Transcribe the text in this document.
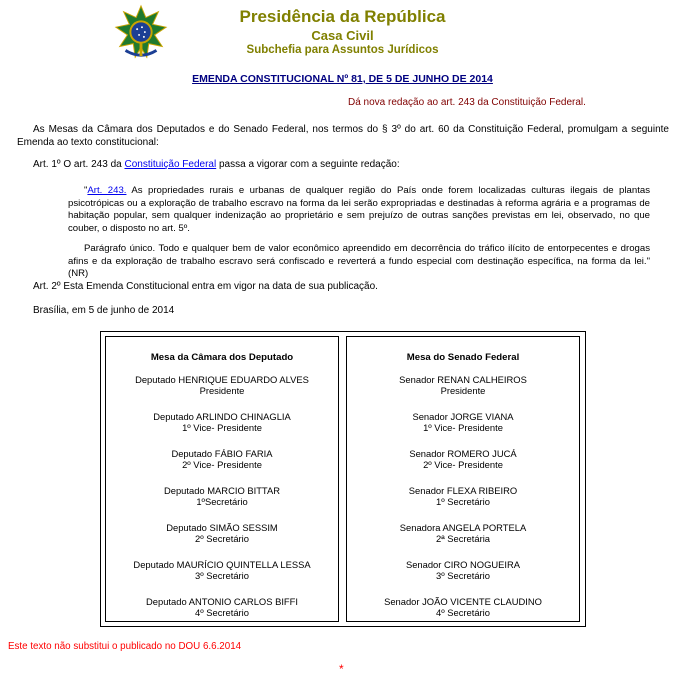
Presidência da República
Casa Civil
Subchefia para Assuntos Jurídicos
EMENDA CONSTITUCIONAL Nº 81, DE 5 DE JUNHO DE 2014
Dá nova redação ao art. 243 da Constituição Federal.
As Mesas da Câmara dos Deputados e do Senado Federal, nos termos do § 3º do art. 60 da Constituição Federal, promulgam a seguinte Emenda ao texto constitucional:
Art. 1º O art. 243 da Constituição Federal passa a vigorar com a seguinte redação:
"Art. 243. As propriedades rurais e urbanas de qualquer região do País onde forem localizadas culturas ilegais de plantas psicotrópicas ou a exploração de trabalho escravo na forma da lei serão expropriadas e destinadas à reforma agrária e a programas de habitação popular, sem qualquer indenização ao proprietário e sem prejuízo de outras sanções previstas em lei, observado, no que couber, o disposto no art. 5º.
Parágrafo único. Todo e qualquer bem de valor econômico apreendido em decorrência do tráfico ilícito de entorpecentes e drogas afins e da exploração de trabalho escravo será confiscado e reverterá a fundo especial com destinação específica, na forma da lei." (NR)
Art. 2º Esta Emenda Constitucional entra em vigor na data de sua publicação.
Brasília, em 5 de junho de 2014
Mesa da Câmara dos Deputado
Deputado HENRIQUE EDUARDO ALVES
Presidente
Deputado ARLINDO CHINAGLIA
1º Vice- Presidente
Deputado FÁBIO FARIA
2º Vice- Presidente
Deputado MARCIO BITTAR
1ºSecretário
Deputado SIMÃO SESSIM
2º Secretário
Deputado MAURÍCIO QUINTELLA LESSA
3º Secretário
Deputado ANTONIO CARLOS BIFFI
4º Secretário
Mesa do Senado Federal
Senador RENAN CALHEIROS
Presidente
Senador JORGE VIANA
1º Vice- Presidente
Senador ROMERO JUCÁ
2º Vice- Presidente
Senador FLEXA RIBEIRO
1º Secretário
Senadora ANGELA PORTELA
2ª Secretária
Senador CIRO NOGUEIRA
3º Secretário
Senador JOÃO VICENTE CLAUDINO
4º Secretário
Este texto não substitui o publicado no DOU 6.6.2014
*
